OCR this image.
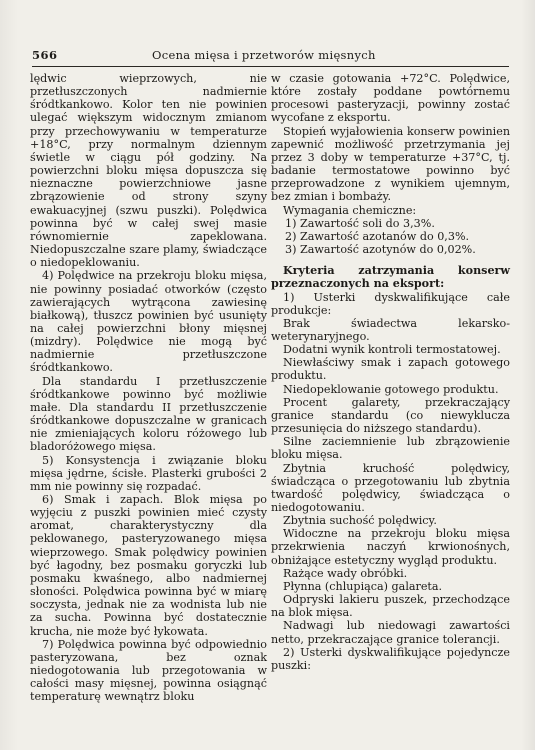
566	Ocena mięsa i przetworów mięsnych

lędwic wieprzowych, nie przetłuszczonych nadmiernie śródtkankowo. Kolor ten nie powinien ulegać większym widocznym zmianom przy przechowywaniu w temperaturze +18°C, przy normalnym dziennym świetle w ciągu pół godziny. Na powierzchni bloku mięsa dopuszcza się nieznaczne powierzchniowe jasne zbrązowienie od strony szyny ewakuacyjnej (szwu puszki). Polędwica powinna być w całej swej masie równomiernie zapeklowana. Niedopuszczalne szare plamy, świadczące o niedopeklowaniu.

4) Polędwice na przekroju bloku mięsa, nie powinny posiadać otworków (często zawierających wytrącona zawiesinę białkową), tłuszcz powinien być usunięty na całej powierzchni błony mięsnej (mizdry). Polędwice nie mogą być nadmiernie przetłuszczone śródtkankowo.

Dla standardu I przetłuszczenie śródtkankowe powinno być możliwie małe. Dla standardu II przetłuszczenie śródtkankowe dopuszczalne w granicach nie zmieniających koloru różowego lub bladoróżowego mięsa.

5) Konsystencja i związanie bloku mięsa jędrne, ścisłe. Plasterki grubości 2 mm nie powinny się rozpadać.

6) Smak i zapach. Blok mięsa po wyjęciu z puszki powinien mieć czysty aromat, charakterystyczny dla peklowanego, pasteryzowanego mięsa wieprzowego. Smak polędwicy powinien być łagodny, bez posmaku goryczki lub posmaku kwaśnego, albo nadmiernej słoności. Polędwica powinna być w miarę soczysta, jednak nie za wodnista lub nie za sucha. Powinna być dostatecznie krucha, nie może być łykowata.

7) Polędwica powinna być odpowiednio pasteryzowana, bez oznak niedogotowania lub przegotowania w całości masy mięsnej, powinna osiągnąć temperaturę wewnątrz bloku

w czasie gotowania +72°C. Polędwice, które zostały poddane powtórnemu procesowi pasteryzacji, powinny zostać wycofane z eksportu.

Stopień wyjałowienia konserw powinien zapewnić możliwość przetrzymania jej przez 3 doby w temperaturze +37°C, tj. badanie termostatowe powinno być przeprowadzone z wynikiem ujemnym, bez zmian i bombaży.

Wymagania chemiczne:

1) Zawartość soli do 3,3%.

2) Zawartość azotanów do 0,3%.

3) Zawartość azotynów do 0,02%.

Kryteria zatrzymania konserw przeznaczonych na eksport:

1) Usterki dyskwalifikujące całe produkcje:

Brak świadectwa lekarsko-weterynaryjnego.

Dodatni wynik kontroli termostatowej.

Niewłaściwy smak i zapach gotowego produktu.

Niedopeklowanie gotowego produktu.

Procent galarety, przekraczający granice standardu (co niewyklucza przesunięcia do niższego standardu).

Silne zaciemnienie lub zbrązowienie bloku mięsa.

Zbytnia kruchość polędwicy, świadcząca o przegotowaniu lub zbytnia twardość polędwicy, świadcząca o niedogotowaniu.

Zbytnia suchość polędwicy.

Widoczne na przekroju bloku mięsa przekrwienia naczyń krwionośnych, obniżające estetyczny wygląd produktu.

Rażące wady obróbki.

Płynna (chlupiąca) galareta.

Odpryski lakieru puszek, przechodzące na blok mięsa.

Nadwagi lub niedowagi zawartości netto, przekraczające granice tolerancji.

2) Usterki dyskwalifikujące pojedyncze puszki:
